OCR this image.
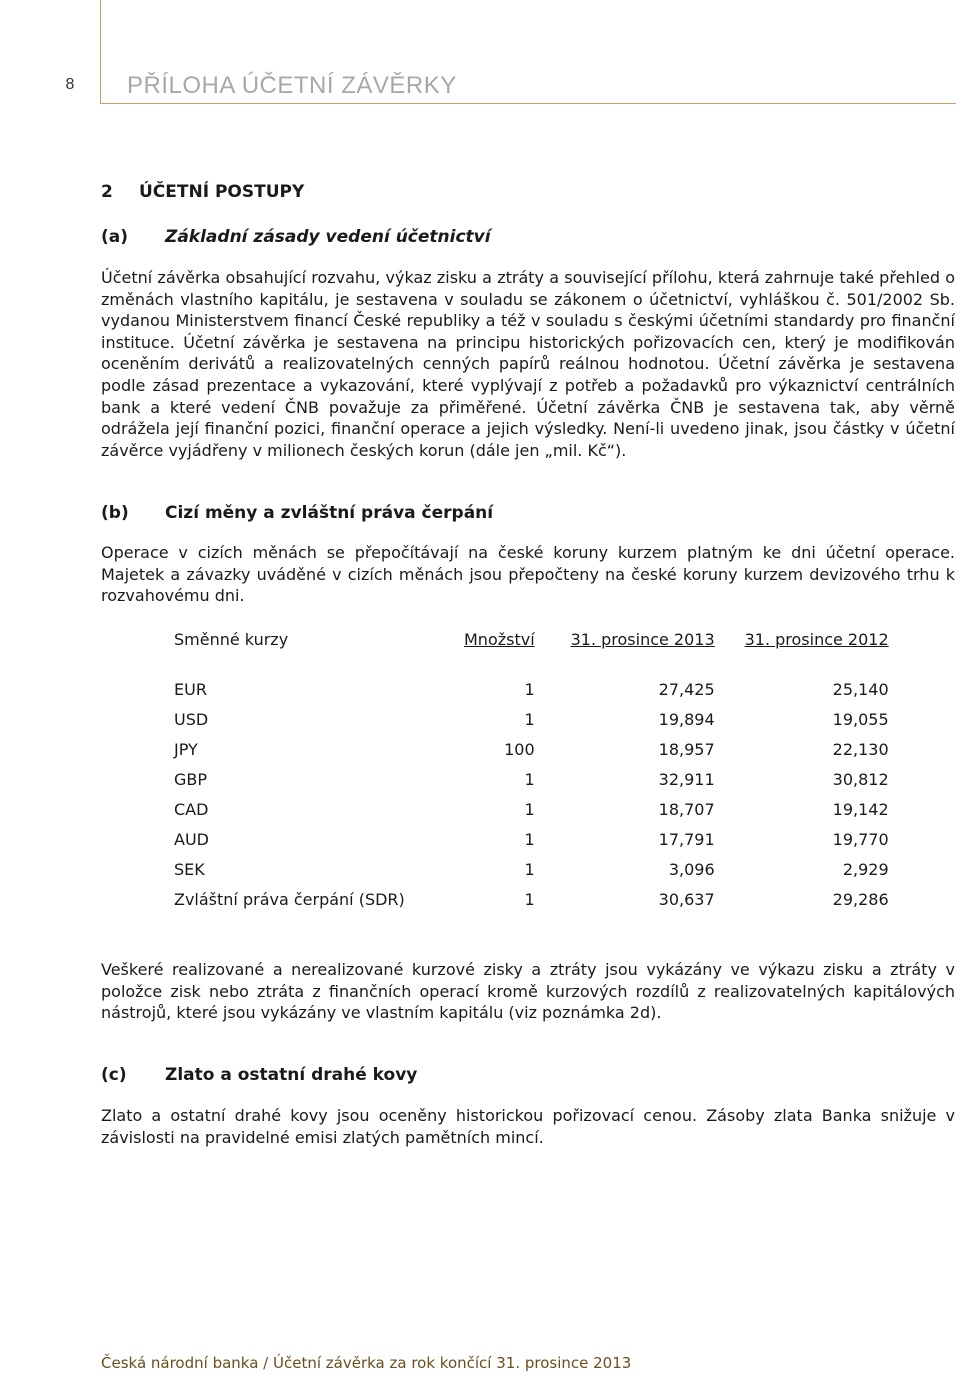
8	PŘÍLOHA ÚČETNÍ ZÁVĚRKY
2 ÚČETNÍ POSTUPY
(a) Základní zásady vedení účetnictví

Účetní závěrka obsahující rozvahu, výkaz zisku a ztráty a související přílohu, která zahrnuje také přehled o změnách vlastního kapitálu, je sestavena v souladu se zákonem o účetnictví, vyhláškou č. 501/2002 Sb. vydanou Ministerstvem financí České republiky a též v souladu s českými účetními standardy pro finanční instituce. Účetní závěrka je sestavena na principu historických pořizovacích cen, který je modifikován oceněním derivátů a realizovatelných cenných papírů reálnou hodnotou. Účetní závěrka je sestavena podle zásad prezentace a vykazování, které vyplývají z potřeb a požadavků pro výkaznictví centrálních bank a které vedení ČNB považuje za přiměřené. Účetní závěrka ČNB je sestavena tak, aby věrně odrážela její finanční pozici, finanční operace a jejich výsledky. Není-li uvedeno jinak, jsou částky v účetní závěrce vyjádřeny v milionech českých korun (dále jen „mil. Kč“).

(b) Cizí měny a zvláštní práva čerpání

Operace v cizích měnách se přepočítávají na české koruny kurzem platným ke dni účetní operace. Majetek a závazky uváděné v cizích měnách jsou přepočteny na české koruny kurzem devizového trhu k rozvahovému dni.

Směnné kurzy	Množství	31. prosince 2013	31. prosince 2012
EUR	1	27,425	25,140
USD	1	19,894	19,055
JPY	100	18,957	22,130
GBP	1	32,911	30,812
CAD	1	18,707	19,142
AUD	1	17,791	19,770
SEK	1	3,096	2,929
Zvláštní práva čerpání (SDR)	1	30,637	29,286

Veškeré realizované a nerealizované kurzové zisky a ztráty jsou vykázány ve výkazu zisku a ztráty v položce zisk nebo ztráta z finančních operací kromě kurzových rozdílů z realizovatelných kapitálových nástrojů, které jsou vykázány ve vlastním kapitálu (viz poznámka 2d).

(c) Zlato a ostatní drahé kovy

Zlato a ostatní drahé kovy jsou oceněny historickou pořizovací cenou. Zásoby zlata Banka snižuje v závislosti na pravidelné emisi zlatých pamětních mincí.

Česká národní banka / Účetní závěrka za rok končící 31. prosince 2013
